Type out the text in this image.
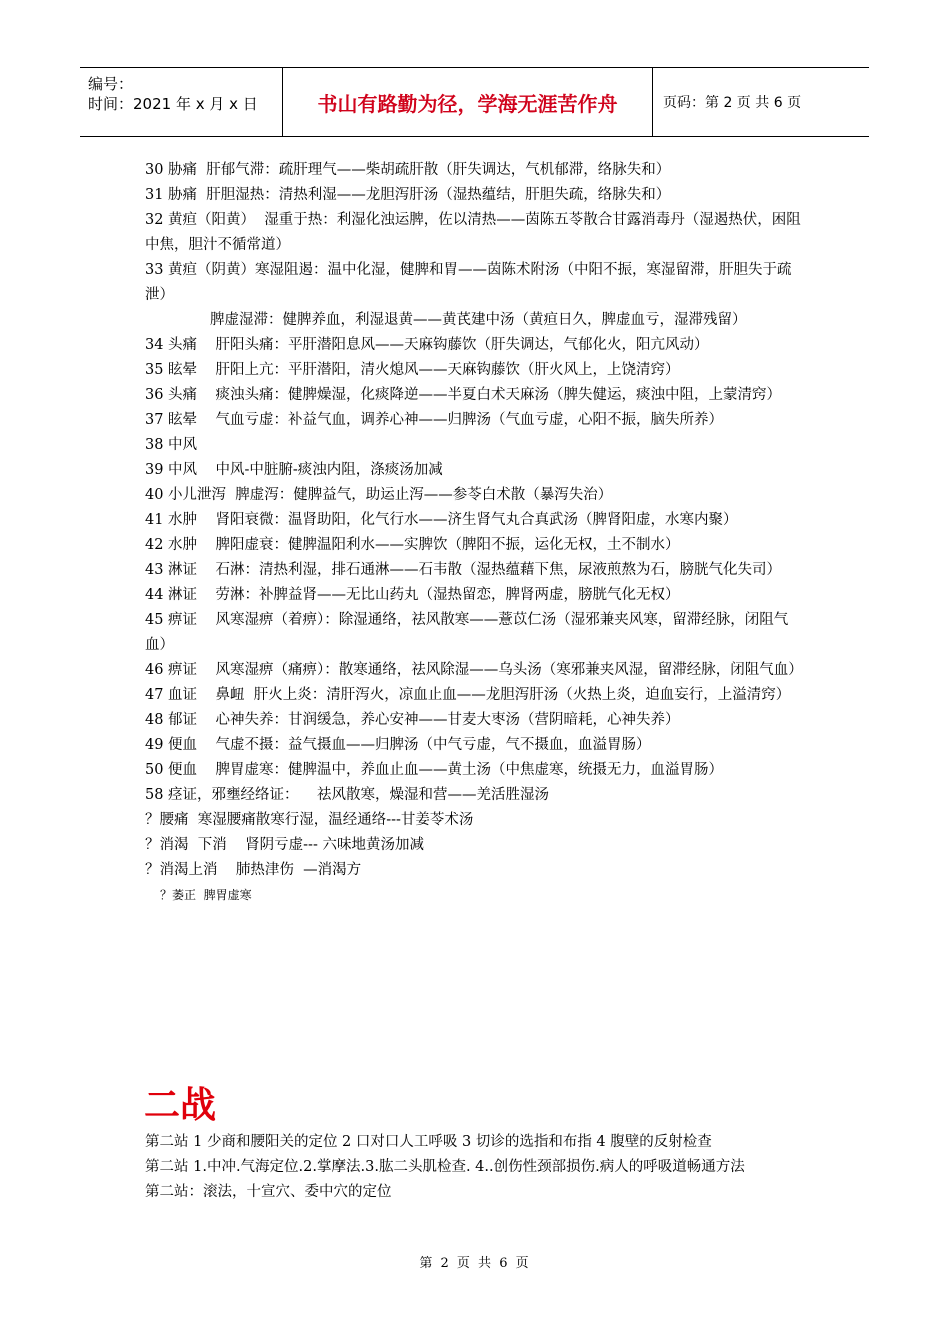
编号：
时间：2021 年 x 月 x 日	书山有路勤为径，学海无涯苦作舟	页码：第 2 页 共 6 页
30 胁痛  肝郁气滞：疏肝理气——柴胡疏肝散（肝失调达，气机郁滞，络脉失和）
31 胁痛  肝胆湿热：清热利湿——龙胆泻肝汤（湿热蕴结，肝胆失疏，络脉失和）
32 黄疸（阳黄）  湿重于热：利湿化浊运脾，佐以清热——茵陈五苓散合甘露消毒丹（湿遏热伏，困阻中焦，胆汁不循常道）
33 黄疸（阴黄）寒湿阻遏：温中化湿，健脾和胃——茵陈术附汤（中阳不振，寒湿留滞，肝胆失于疏泄）
脾虚湿滞：健脾养血，利湿退黄——黄芪建中汤（黄疸日久，脾虚血亏，湿滞残留）
34 头痛    肝阳头痛：平肝潜阳息风——天麻钩藤饮（肝失调达，气郁化火，阳亢风动）
35 眩晕    肝阳上亢：平肝潜阳，清火熄风——天麻钩藤饮（肝火风上，上饶清窍）
36 头痛    痰浊头痛：健脾燥湿，化痰降逆——半夏白术天麻汤（脾失健运，痰浊中阻，上蒙清窍）
37 眩晕    气血亏虚：补益气血，调养心神——归脾汤（气血亏虚，心阳不振，脑失所养）
38 中风
39 中风    中风-中脏腑-痰浊内阻，涤痰汤加减
40 小儿泄泻  脾虚泻：健脾益气，助运止泻——参苓白术散（暴泻失治）
41 水肿    肾阳衰微：温肾助阳，化气行水——济生肾气丸合真武汤（脾肾阳虚，水寒内聚）
42 水肿    脾阳虚衰：健脾温阳利水——实脾饮（脾阳不振，运化无权，土不制水）
43 淋证    石淋：清热利湿，排石通淋——石韦散（湿热蕴藉下焦，尿液煎熬为石，膀胱气化失司）
44 淋证    劳淋：补脾益肾——无比山药丸（湿热留恋，脾肾两虚，膀胱气化无权）
45 痹证    风寒湿痹（着痹）：除湿通络，祛风散寒——薏苡仁汤（湿邪兼夹风寒，留滞经脉，闭阻气血）
46 痹证    风寒湿痹（痛痹）：散寒通络，祛风除湿——乌头汤（寒邪兼夹风湿，留滞经脉，闭阻气血）
47 血证    鼻衄  肝火上炎：清肝泻火，凉血止血——龙胆泻肝汤（火热上炎，迫血妄行，上溢清窍）
48 郁证    心神失养：甘润缓急，养心安神——甘麦大枣汤（营阴暗耗，心神失养）
49 便血    气虚不摄：益气摄血——归脾汤（中气亏虚，气不摄血，血溢胃肠）
50 便血    脾胃虚寒：健脾温中，养血止血——黄土汤（中焦虚寒，统摄无力，血溢胃肠）
58 痉证，邪壅经络证：    祛风散寒，燥湿和营——羌活胜湿汤
？腰痛  寒湿腰痛散寒行湿，温经通络---甘姜苓术汤
？消渴  下消    肾阴亏虚--- 六味地黄汤加减
？消渴上消    肺热津伤  —消渴方
？萎正  脾胃虚寒
二战
第二站 1 少商和腰阳关的定位 2 口对口人工呼吸 3 切诊的选指和布指 4 腹壁的反射检查
第二站 1.中冲.气海定位.2.掌摩法.3.肱二头肌检查. 4..创伤性颈部损伤.病人的呼吸道畅通方法
第二站：滚法，十宣穴、委中穴的定位
第 2 页 共 6 页
